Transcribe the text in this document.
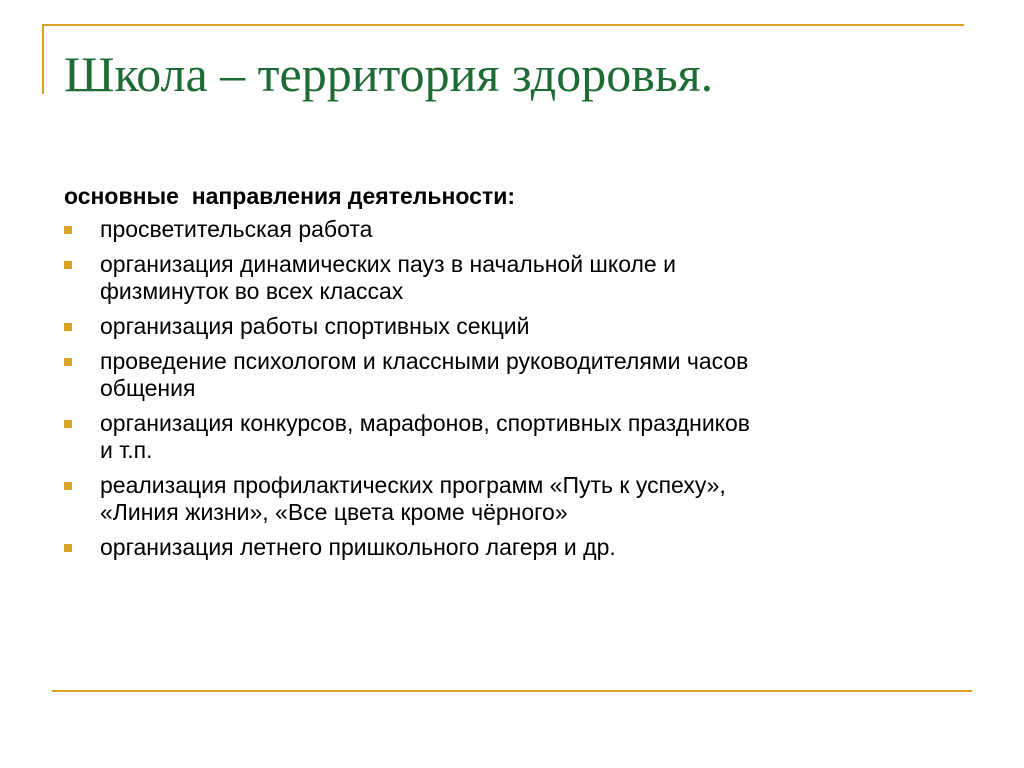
Школа – территория здоровья.

основные  направления деятельности:

просветительская работа
организация динамических пауз в начальной школе и
физминуток во всех классах
организация работы спортивных секций
проведение психологом и классными руководителями часов
общения
организация конкурсов, марафонов, спортивных праздников
и т.п.
реализация профилактических программ «Путь к успеху»,
«Линия жизни», «Все цвета кроме чёрного»
организация летнего пришкольного лагеря и др.
